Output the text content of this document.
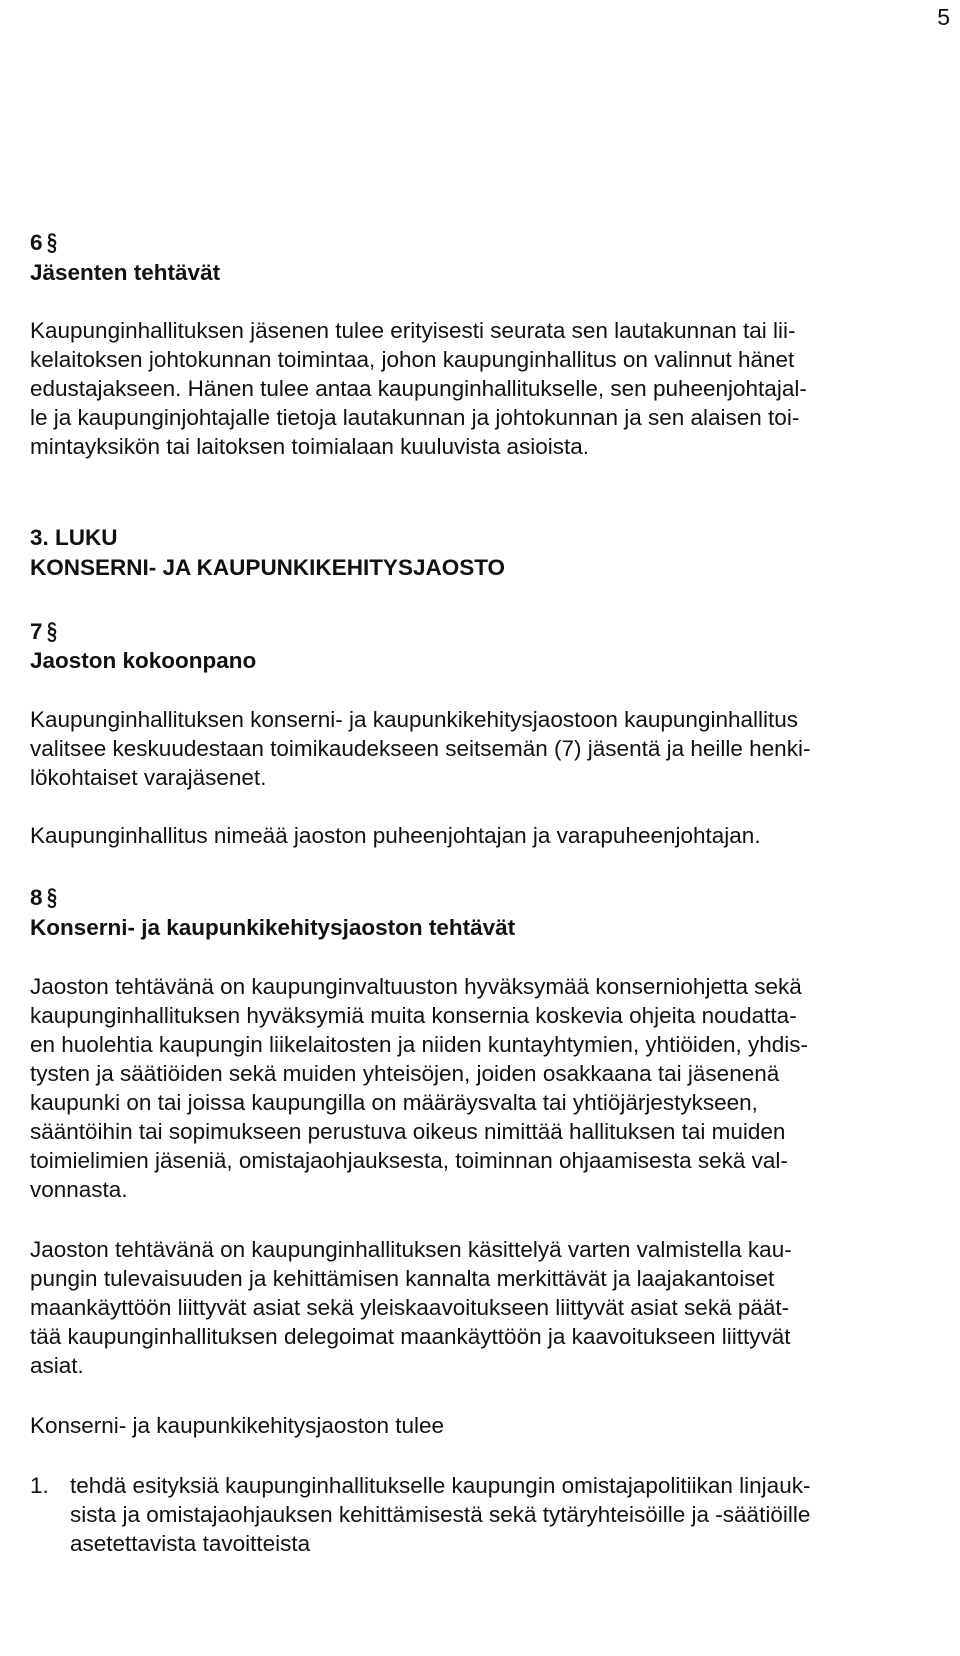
5
6 §
Jäsenten tehtävät
Kaupunginhallituksen jäsenen tulee erityisesti seurata sen lautakunnan tai lii-
kelaitoksen johtokunnan toimintaa, johon kaupunginhallitus on valinnut hänet
edustajakseen. Hänen tulee antaa kaupunginhallitukselle, sen puheenjohtajal-
le ja kaupunginjohtajalle tietoja lautakunnan ja johtokunnan ja sen alaisen toi-
mintayksikön tai laitoksen toimialaan kuuluvista asioista.
3. LUKU
KONSERNI- JA KAUPUNKIKEHITYSJAOSTO
7 §
Jaoston kokoonpano
Kaupunginhallituksen konserni- ja kaupunkikehitysjaostoon kaupunginhallitus
valitsee keskuudestaan toimikaudekseen seitsemän (7) jäsentä ja heille henki-
lökohtaiset varajäsenet.
Kaupunginhallitus nimeää jaoston puheenjohtajan ja varapuheenjohtajan.
8 §
Konserni- ja kaupunkikehitysjaoston tehtävät
Jaoston tehtävänä on kaupunginvaltuuston hyväksymää konserniohjetta sekä
kaupunginhallituksen hyväksymiä muita konsernia koskevia ohjeita noudatta-
en huolehtia kaupungin liikelaitosten ja niiden kuntayhtymien, yhtiöiden, yhdis-
tysten ja säätiöiden sekä muiden yhteisöjen, joiden osakkaana tai jäsenenä
kaupunki on tai joissa kaupungilla on määräysvalta tai yhtiöjärjestykseen,
sääntöihin tai sopimukseen perustuva oikeus nimittää hallituksen tai muiden
toimielimien jäseniä, omistajaohjauksesta, toiminnan ohjaamisesta sekä val-
vonnasta.
Jaoston tehtävänä on kaupunginhallituksen käsittelyä varten valmistella kau-
pungin tulevaisuuden ja kehittämisen kannalta merkittävät ja laajakantoiset
maankäyttöön liittyvät asiat sekä yleiskaavoitukseen liittyvät asiat sekä päät-
tää kaupunginhallituksen delegoimat maankäyttöön ja kaavoitukseen liittyvät
asiat.
Konserni- ja kaupunkikehitysjaoston tulee
1. tehdä esityksiä kaupunginhallitukselle kaupungin omistajapolitiikan linjauk-
sista ja omistajaohjauksen kehittämisestä sekä tytäryhteisöille ja -säätiöille
asetettavista tavoitteista
